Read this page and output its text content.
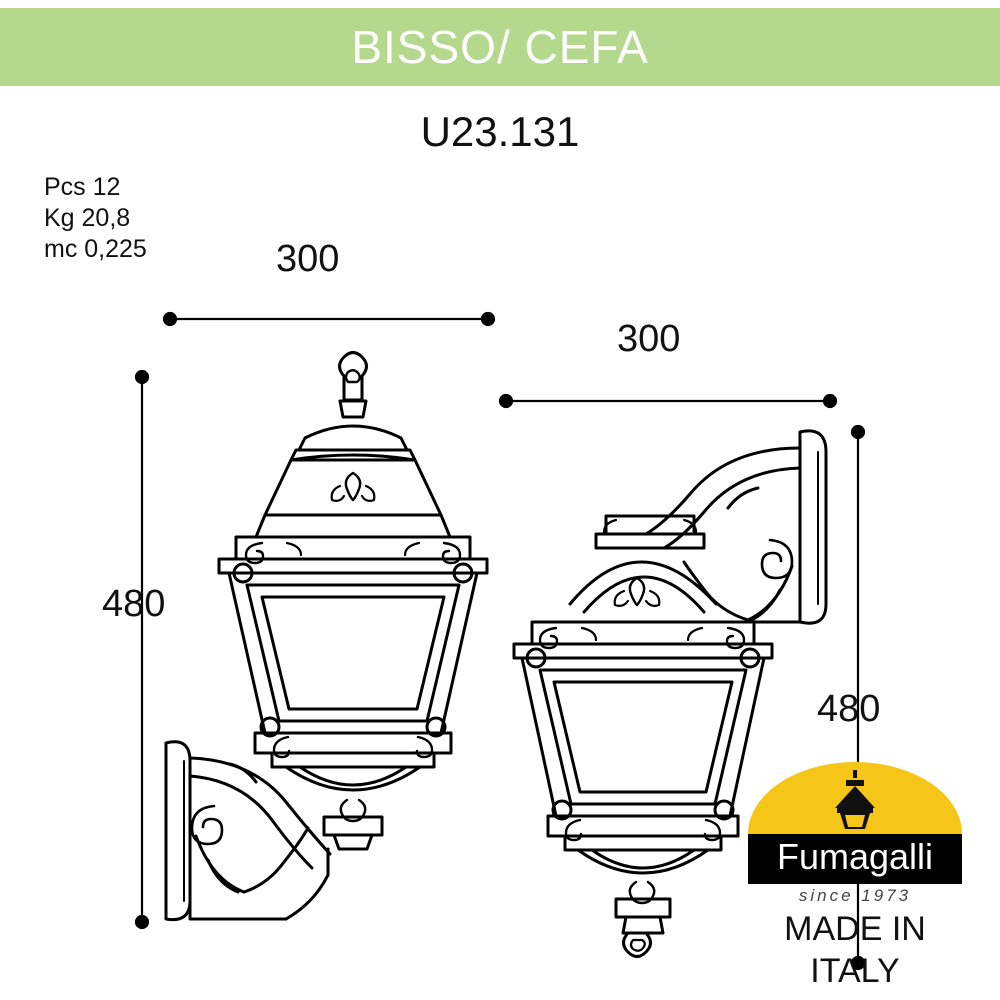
BISSO/ CEFA
U23.131
Pcs 12
Kg 20,8
mc 0,225	300
480
300
480
Fumagalli
since 1973
MADE IN
ITALY
